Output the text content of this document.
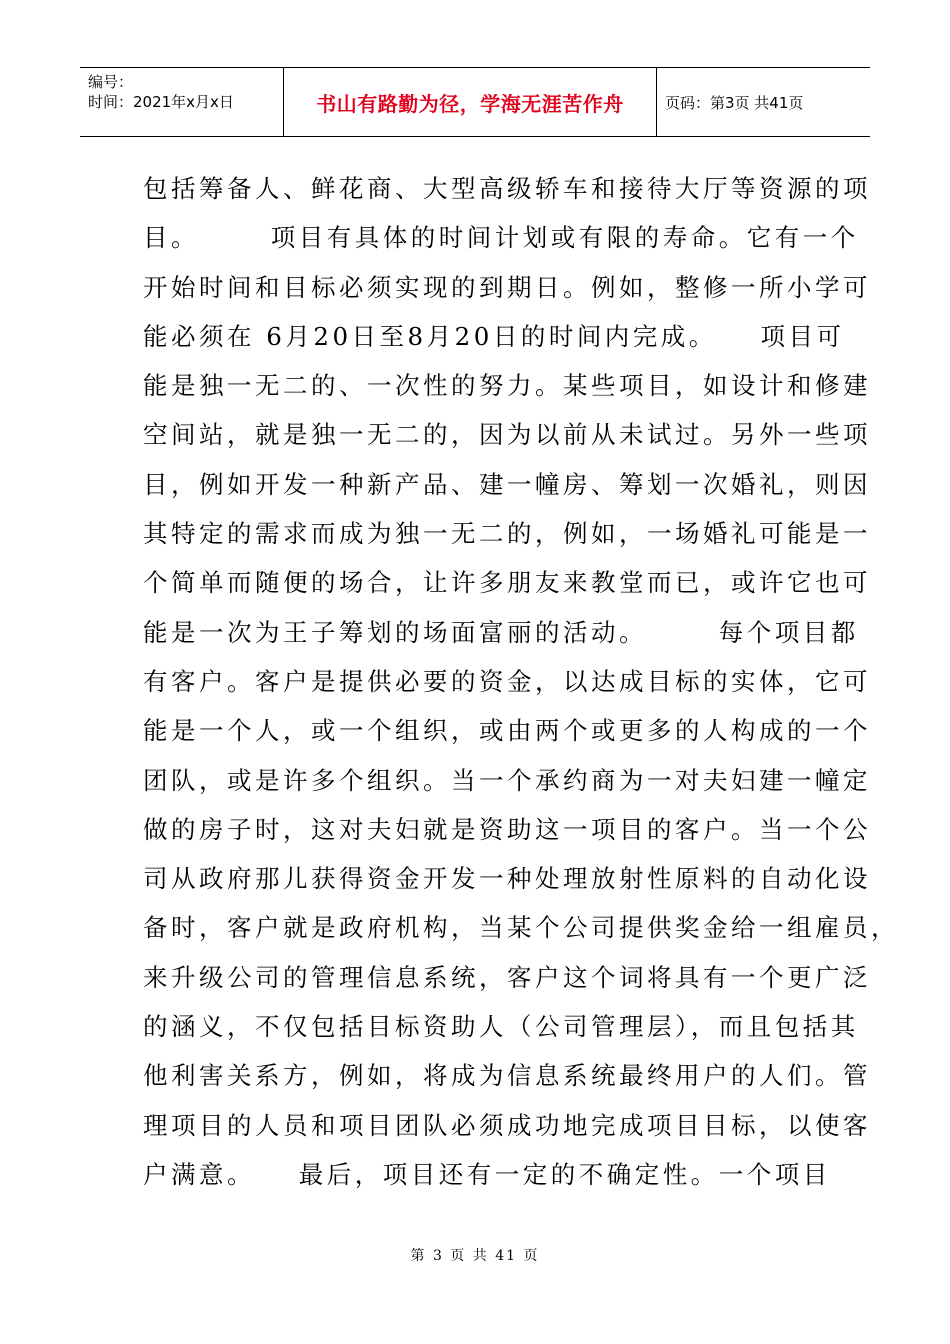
编号：
时间：2021年x月x日	书山有路勤为径，学海无涯苦作舟	页码：第3页 共41页
包括筹备人、鲜花商、大型高级轿车和接待大厅等资源的项
目。　　　项目有具体的时间计划或有限的寿命。它有一个
开始时间和目标必须实现的到期日。例如，整修一所小学可
能必须在 6月20日至8月20日的时间内完成。　　项目可
能是独一无二的、一次性的努力。某些项目，如设计和修建
空间站，就是独一无二的，因为以前从未试过。另外一些项
目，例如开发一种新产品、建一幢房、筹划一次婚礼，则因
其特定的需求而成为独一无二的，例如，一场婚礼可能是一
个简单而随便的场合，让许多朋友来教堂而已，或许它也可
能是一次为王子筹划的场面富丽的活动。　　　每个项目都
有客户。客户是提供必要的资金，以达成目标的实体，它可
能是一个人，或一个组织，或由两个或更多的人构成的一个
团队，或是许多个组织。当一个承约商为一对夫妇建一幢定
做的房子时，这对夫妇就是资助这一项目的客户。当一个公
司从政府那儿获得资金开发一种处理放射性原料的自动化设
备时，客户就是政府机构，当某个公司提供奖金给一组雇员，
来升级公司的管理信息系统，客户这个词将具有一个更广泛
的涵义，不仅包括目标资助人（公司管理层），而且包括其
他利害关系方，例如，将成为信息系统最终用户的人们。管
理项目的人员和项目团队必须成功地完成项目目标，以使客
户满意。　　最后，项目还有一定的不确定性。一个项目
第 3 页 共 41 页
